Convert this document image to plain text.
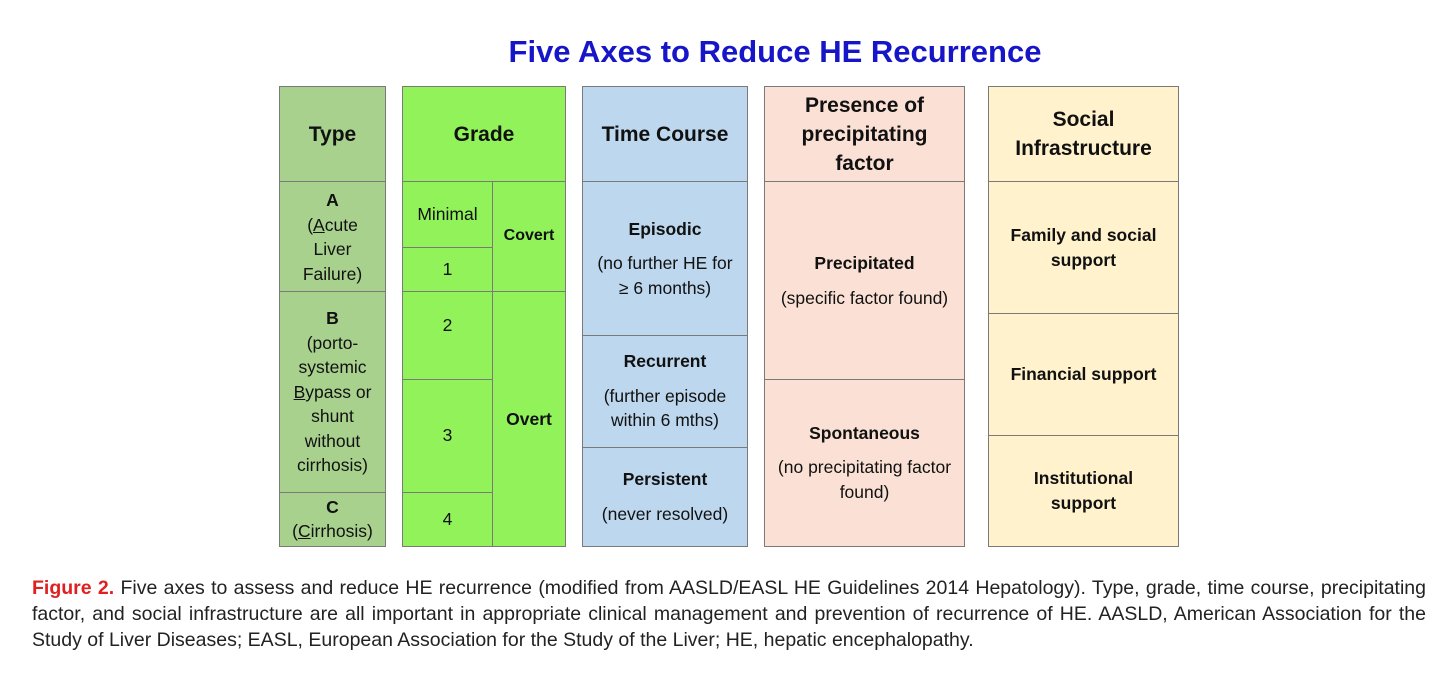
Five Axes to Reduce HE Recurrence
Type
A
(Acute
Liver
Failure)
B
(porto-
systemic
Bypass or
shunt
without
cirrhosis)
C
(Cirrhosis)
Grade
Minimal
1
2
3
4
Covert
Overt
Time Course
Episodic
(no further HE for ≥ 6 months)
Recurrent
(further episode within 6 mths)
Persistent
(never resolved)
Presence of precipitating factor
Precipitated
(specific factor found)
Spontaneous
(no precipitating factor found)
Social Infrastructure
Family and social support
Financial support
Institutional support
Figure 2. Five axes to assess and reduce HE recurrence (modified from AASLD/EASL HE Guidelines 2014 Hepatology). Type, grade, time course, precipitating factor, and social infrastructure are all important in appropriate clinical management and prevention of recurrence of HE. AASLD, American Association for the Study of Liver Diseases; EASL, European Association for the Study of the Liver; HE, hepatic encephalopathy.
